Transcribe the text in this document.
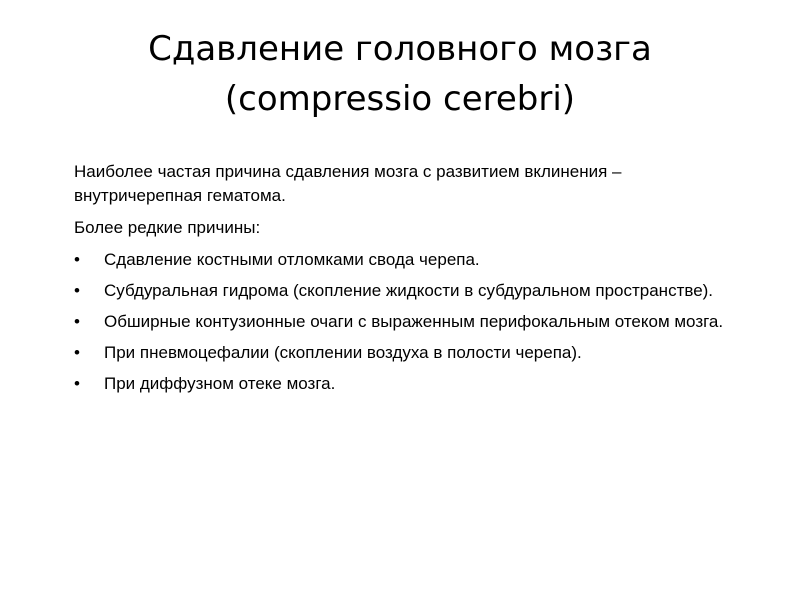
Сдавление головного мозга
(compressio cerebri)

Наиболее частая причина сдавления мозга с развитием вклинения – внутричерепная гематома.

Более редкие причины:

•	Сдавление костными отломками свода черепа.
•	Субдуральная гидрома (скопление жидкости в субдуральном пространстве).
•	Обширные контузионные очаги с выраженным перифокальным отеком мозга.
•	При пневмоцефалии (скоплении воздуха в полости черепа).
•	При диффузном отеке мозга.
